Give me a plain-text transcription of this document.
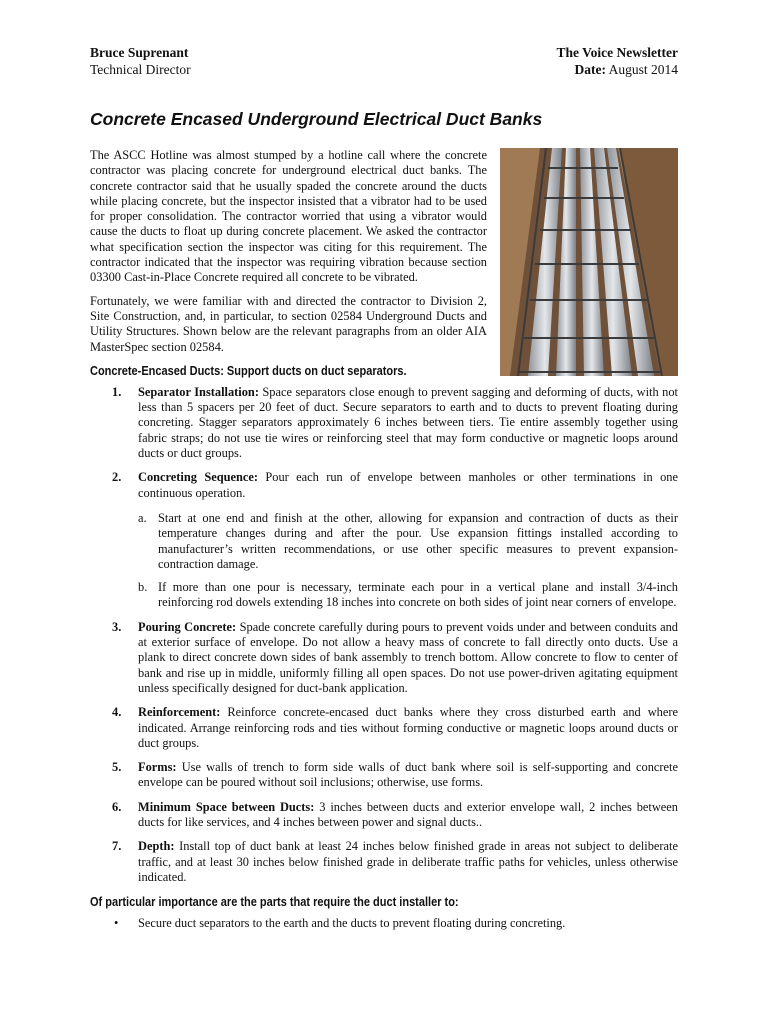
Bruce Suprenant
Technical Director
The Voice Newsletter
Date: August 2014
Concrete Encased Underground Electrical Duct Banks

The ASCC Hotline was almost stumped by a hotline call where the concrete contractor was placing concrete for underground electrical duct banks. The concrete contractor said that he usually spaded the concrete around the ducts while placing concrete, but the inspector insisted that a vibrator had to be used for proper consolidation. The contractor worried that using a vibrator would cause the ducts to float up during concrete placement. We asked the contractor what specification section the inspector was citing for this requirement. The contractor indicated that the inspector was requiring vibration because section 03300 Cast-in-Place Concrete required all concrete to be vibrated.

Fortunately, we were familiar with and directed the contractor to Division 2, Site Construction, and, in particular, to section 02584 Underground Ducts and Utility Structures. Shown below are the relevant paragraphs from an older AIA MasterSpec section 02584.

Concrete-Encased Ducts: Support ducts on duct separators.
1. Separator Installation: Space separators close enough to prevent sagging and deforming of ducts, with not less than 5 spacers per 20 feet of duct. Secure separators to earth and to ducts to prevent floating during concreting. Stagger separators approximately 6 inches between tiers. Tie entire assembly together using fabric straps; do not use tie wires or reinforcing steel that may form conductive or magnetic loops around ducts or duct groups.
2. Concreting Sequence: Pour each run of envelope between manholes or other terminations in one continuous operation.
a. Start at one end and finish at the other, allowing for expansion and contraction of ducts as their temperature changes during and after the pour. Use expansion fittings installed according to manufacturer’s written recommendations, or use other specific measures to prevent expansion-contraction damage.
b. If more than one pour is necessary, terminate each pour in a vertical plane and install 3/4-inch reinforcing rod dowels extending 18 inches into concrete on both sides of joint near corners of envelope.
3. Pouring Concrete: Spade concrete carefully during pours to prevent voids under and between conduits and at exterior surface of envelope. Do not allow a heavy mass of concrete to fall directly onto ducts. Use a plank to direct concrete down sides of bank assembly to trench bottom. Allow concrete to flow to center of bank and rise up in middle, uniformly filling all open spaces. Do not use power-driven agitating equipment unless specifically designed for duct-bank application.
4. Reinforcement: Reinforce concrete-encased duct banks where they cross disturbed earth and where indicated. Arrange reinforcing rods and ties without forming conductive or magnetic loops around ducts or duct groups.
5. Forms: Use walls of trench to form side walls of duct bank where soil is self-supporting and concrete envelope can be poured without soil inclusions; otherwise, use forms.
6. Minimum Space between Ducts: 3 inches between ducts and exterior envelope wall, 2 inches between ducts for like services, and 4 inches between power and signal ducts..
7. Depth: Install top of duct bank at least 24 inches below finished grade in areas not subject to deliberate traffic, and at least 30 inches below finished grade in deliberate traffic paths for vehicles, unless otherwise indicated.
Of particular importance are the parts that require the duct installer to:
• Secure duct separators to the earth and the ducts to prevent floating during concreting.
